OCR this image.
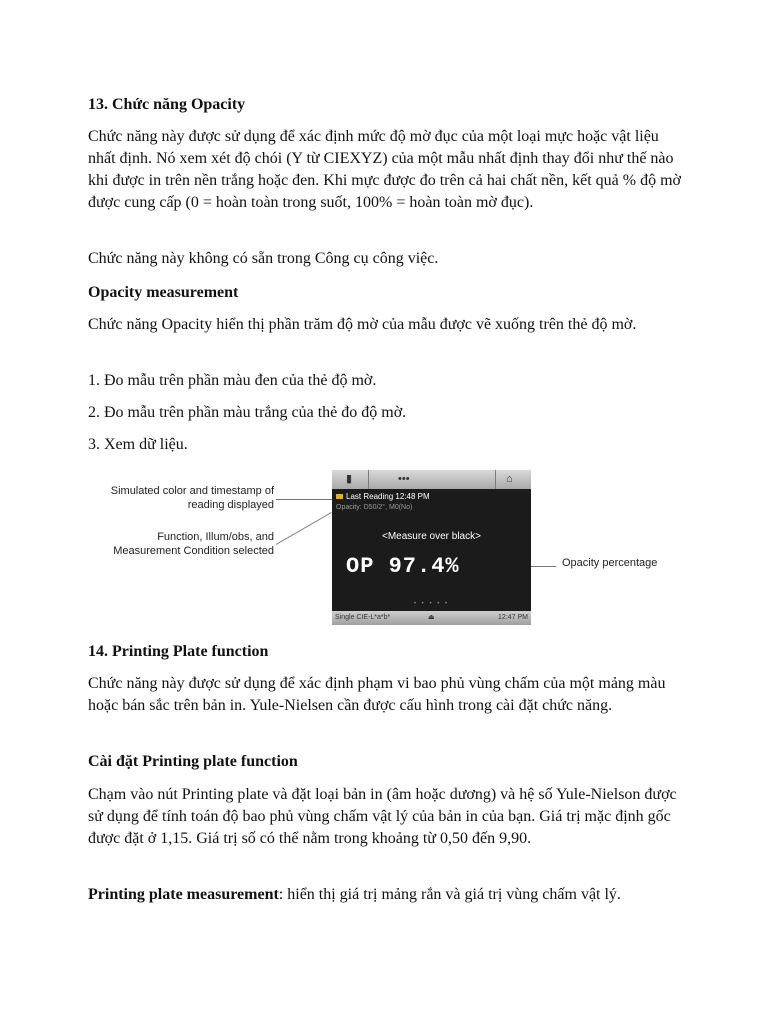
13. Chức năng Opacity

Chức năng này được sử dụng để xác định mức độ mờ đục của một loại mực hoặc vật liệu nhất định. Nó xem xét độ chói (Y từ CIEXYZ) của một mẫu nhất định thay đổi như thế nào khi được in trên nền trắng hoặc đen. Khi mực được đo trên cả hai chất nền, kết quả % độ mờ được cung cấp (0 = hoàn toàn trong suốt, 100% = hoàn toàn mờ đục).

Chức năng này không có sẵn trong Công cụ công việc.

Opacity measurement

Chức năng Opacity hiển thị phần trăm độ mờ của mẫu được vẽ xuống trên thẻ độ mờ.

1. Đo mẫu trên phần màu đen của thẻ độ mờ.

2. Đo mẫu trên phần màu trắng của thẻ đo độ mờ.

3. Xem dữ liệu.

14. Printing Plate function

Chức năng này được sử dụng để xác định phạm vi bao phủ vùng chấm của một mảng màu hoặc bán sắc trên bản in. Yule-Nielsen cần được cấu hình trong cài đặt chức năng.

Cài đặt Printing plate function

Chạm vào nút Printing plate và đặt loại bản in (âm hoặc dương) và hệ số Yule-Nielson được sử dụng để tính toán độ bao phủ vùng chấm vật lý của bản in của bạn. Giá trị mặc định gốc được đặt ở 1,15. Giá trị số có thể nằm trong khoảng từ 0,50 đến 9,90.

Printing plate measurement: hiển thị giá trị mảng rắn và giá trị vùng chấm vật lý.

Simulated color and timestamp of reading displayed
Function, Illum/obs, and Measurement Condition selected
Opacity percentage
▮	•••	⌂
Last Reading 12:48 PM
Opacity: D50/2°, M0(No)
<Measure over black>
OP 97.4%
• • • • •
Single CIE-L*a*b*	⏏	12:47 PM
